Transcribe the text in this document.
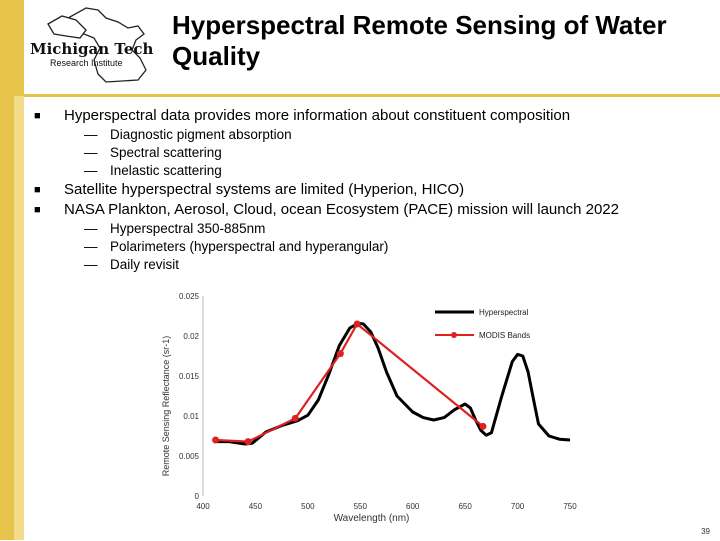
Michigan Tech
Research Institute
Hyperspectral Remote Sensing of Water Quality
■ Hyperspectral data provides more information about constituent composition
— Diagnostic pigment absorption
— Spectral scattering
— Inelastic scattering
■ Satellite hyperspectral systems are limited (Hyperion, HICO)
■ NASA Plankton, Aerosol, Cloud, ocean Ecosystem (PACE) mission will launch 2022
— Hyperspectral 350-885nm
— Polarimeters (hyperspectral and hyperangular)
— Daily revisit
0
0.005
0.01
0.015
0.02
0.025
400	450	500	550	600	650	700	750
Wavelength (nm)
Remote Sensing Reflectance (sr-1)
Hyperspectral
MODIS Bands
39
